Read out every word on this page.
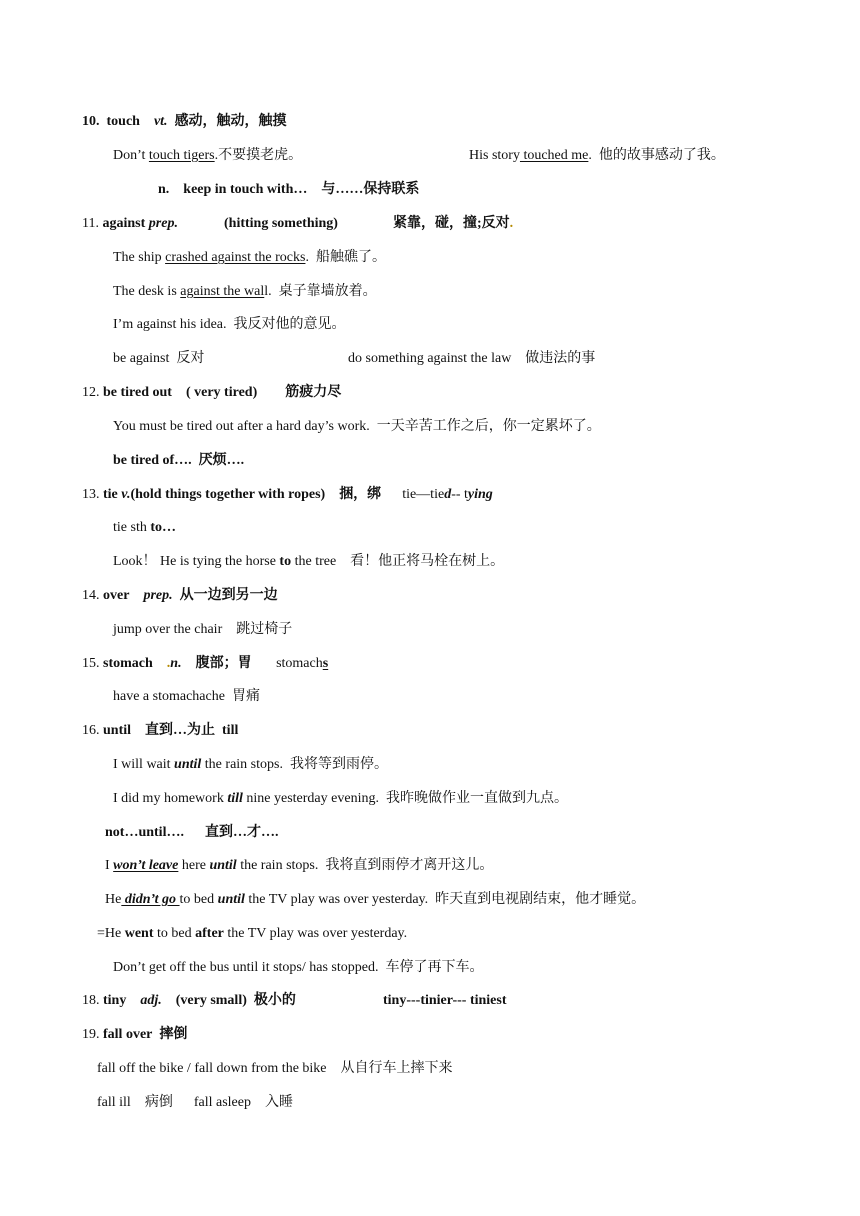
10. touch vt. 感动，触动，触摸
Don’t touch tigers.不要摸老虎。	His story touched me.  他的故事感动了我。
n. keep in touch with… 与……保持联系
11. against prep.	(hitting something)	紧靠，碰，撞;反对.
The ship crashed against the rocks.  船触礁了。
The desk is against the wall.  桌子靠墙放着。
I’m against his idea.  我反对他的意见。
be against  反对	do something against the law    做违法的事
12. be tired out ( very tired) 筋疲力尽
You must be tired out after a hard day’s work.  一天辛苦工作之后，你一定累坏了。
be tired of….  厌烦….
13. tie v.(hold things together with ropes) 捆，绑 tie—tied-- tying
tie sth to…
Look！ He is tying the horse to the tree    看！他正将马栓在树上。
14. over prep. 从一边到另一边
jump over the chair    跳过椅子
15. stomach .n. 腹部；胃 stomachs
have a stomachache  胃痛
16. until 直到…为止 till
I will wait until the rain stops.  我将等到雨停。
I did my homework till nine yesterday evening.  我昨晚做作业一直做到九点。
not…until…. 直到…才….
I won’t leave here until the rain stops.  我将直到雨停才离开这儿。
He didn’t go to bed until the TV play was over yesterday.  昨天直到电视剧结束，他才睡觉。
=He went to bed after the TV play was over yesterday.
Don’t get off the bus until it stops/ has stopped.  车停了再下车。
18. tiny adj. (very small) 极小的	tiny---tinier--- tiniest
19. fall over 摔倒
fall off the bike / fall down from the bike    从自行车上摔下来
fall ill    病倒 fall asleep    入睡
